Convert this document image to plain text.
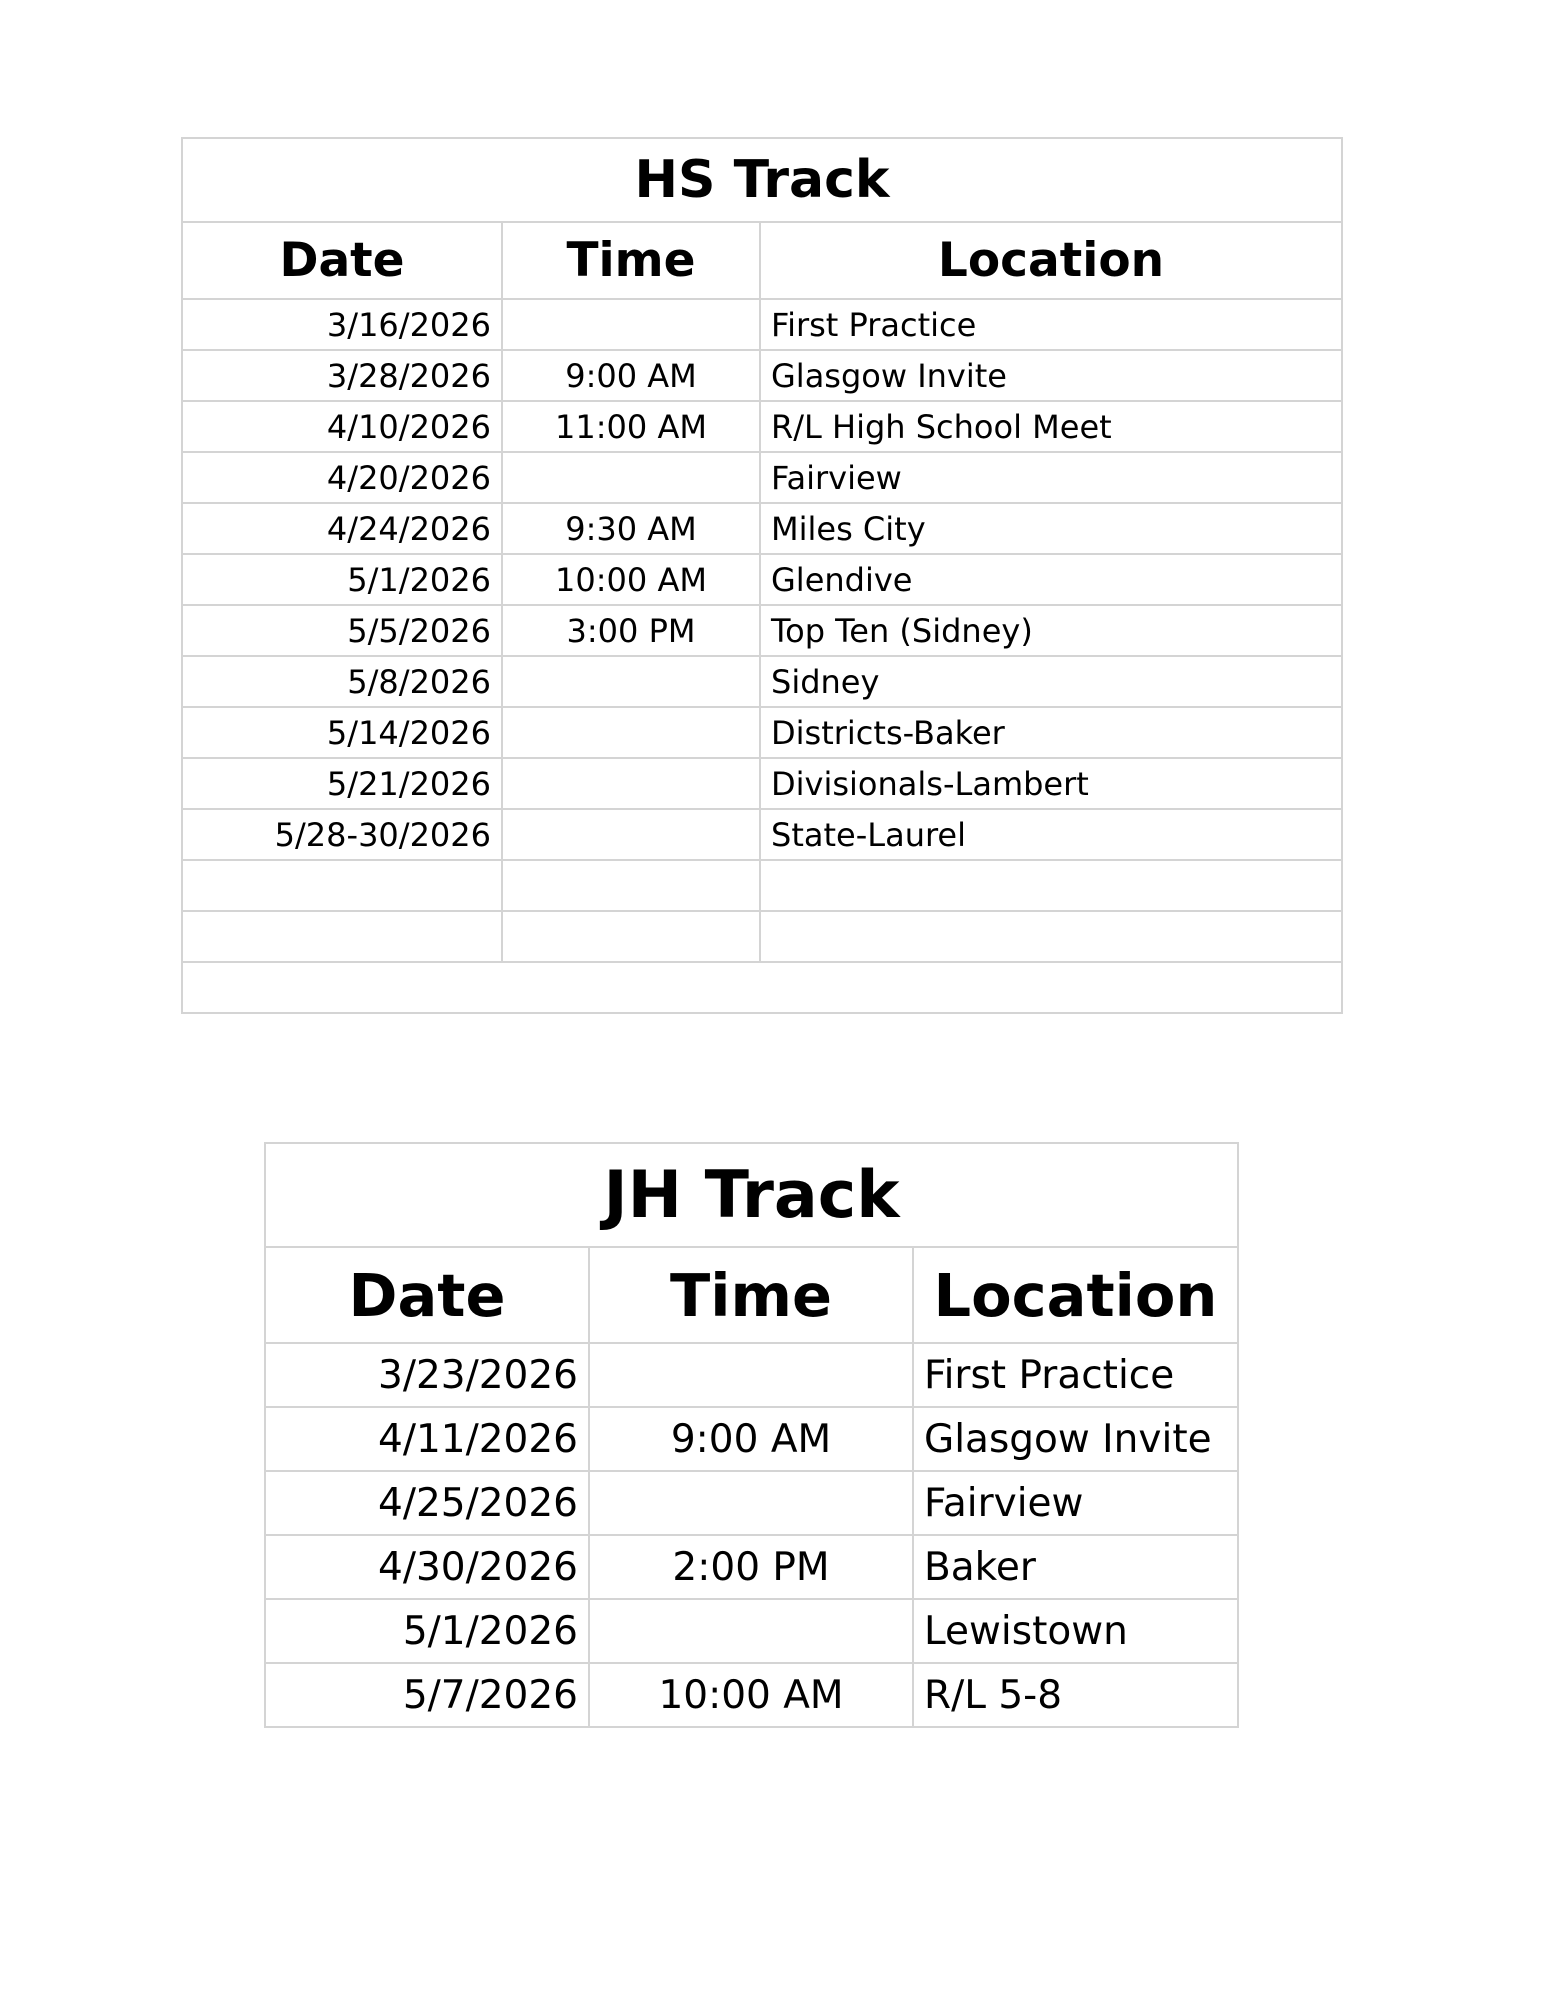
HS Track		
Date	Time	Location
3/16/2026		First Practice
3/28/2026	9:00 AM	Glasgow Invite
4/10/2026	11:00 AM	R/L High School Meet
4/20/2026		Fairview
4/24/2026	9:30 AM	Miles City
5/1/2026	10:00 AM	Glendive
5/5/2026	3:00 PM	Top Ten (Sidney)
5/8/2026		Sidney
5/14/2026		Districts-Baker
5/21/2026		Divisionals-Lambert
5/28-30/2026		State-Laurel

JH Track		
Date	Time	Location
3/23/2026		First Practice
4/11/2026	9:00 AM	Glasgow Invite
4/25/2026		Fairview
4/30/2026	2:00 PM	Baker
5/1/2026		Lewistown
5/7/2026	10:00 AM	R/L 5-8
